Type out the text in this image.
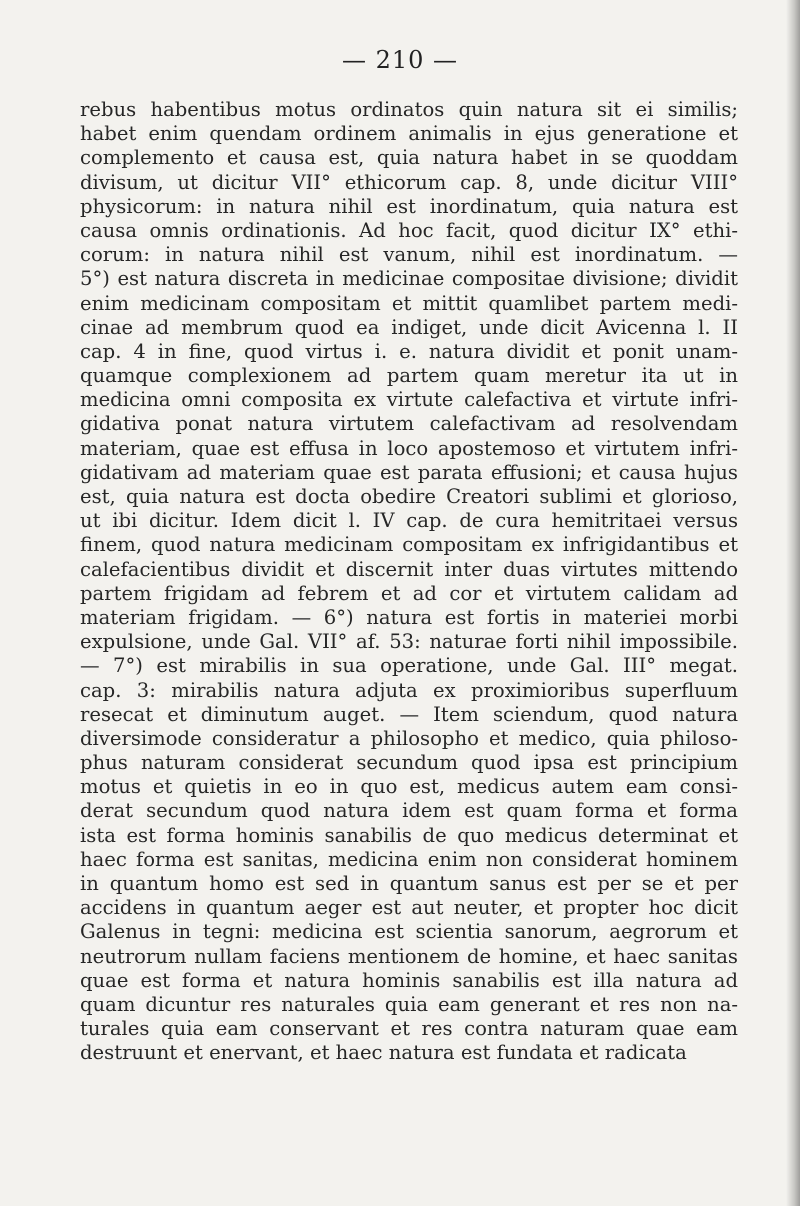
— 210 —
rebus habentibus motus ordinatos quin natura sit ei similis;
habet enim quendam ordinem animalis in ejus generatione et
complemento et causa est, quia natura habet in se quoddam
divisum, ut dicitur VII° ethicorum cap. 8, unde dicitur VIII°
physicorum: in natura nihil est inordinatum, quia natura est
causa omnis ordinationis. Ad hoc facit, quod dicitur IX° ethi-
corum: in natura nihil est vanum, nihil est inordinatum. —
5°) est natura discreta in medicinae compositae divisione; dividit
enim medicinam compositam et mittit quamlibet partem medi-
cinae ad membrum quod ea indiget, unde dicit Avicenna l. II
cap. 4 in fine, quod virtus i. e. natura dividit et ponit unam-
quamque complexionem ad partem quam meretur ita ut in
medicina omni composita ex virtute calefactiva et virtute infri-
gidativa ponat natura virtutem calefactivam ad resolvendam
materiam, quae est effusa in loco apostemoso et virtutem infri-
gidativam ad materiam quae est parata effusioni; et causa hujus
est, quia natura est docta obedire Creatori sublimi et glorioso,
ut ibi dicitur. Idem dicit l. IV cap. de cura hemitritaei versus
finem, quod natura medicinam compositam ex infrigidantibus et
calefacientibus dividit et discernit inter duas virtutes mittendo
partem frigidam ad febrem et ad cor et virtutem calidam ad
materiam frigidam. — 6°) natura est fortis in materiei morbi
expulsione, unde Gal. VII° af. 53: naturae forti nihil impossibile.
— 7°) est mirabilis in sua operatione, unde Gal. III° megat.
cap. 3: mirabilis natura adjuta ex proximioribus superfluum
resecat et diminutum auget. — Item sciendum, quod natura
diversimode consideratur a philosopho et medico, quia philoso-
phus naturam considerat secundum quod ipsa est principium
motus et quietis in eo in quo est, medicus autem eam consi-
derat secundum quod natura idem est quam forma et forma
ista est forma hominis sanabilis de quo medicus determinat et
haec forma est sanitas, medicina enim non considerat hominem
in quantum homo est sed in quantum sanus est per se et per
accidens in quantum aeger est aut neuter, et propter hoc dicit
Galenus in tegni: medicina est scientia sanorum, aegrorum et
neutrorum nullam faciens mentionem de homine, et haec sanitas
quae est forma et natura hominis sanabilis est illa natura ad
quam dicuntur res naturales quia eam generant et res non na-
turales quia eam conservant et res contra naturam quae eam
destruunt et enervant, et haec natura est fundata et radicata
